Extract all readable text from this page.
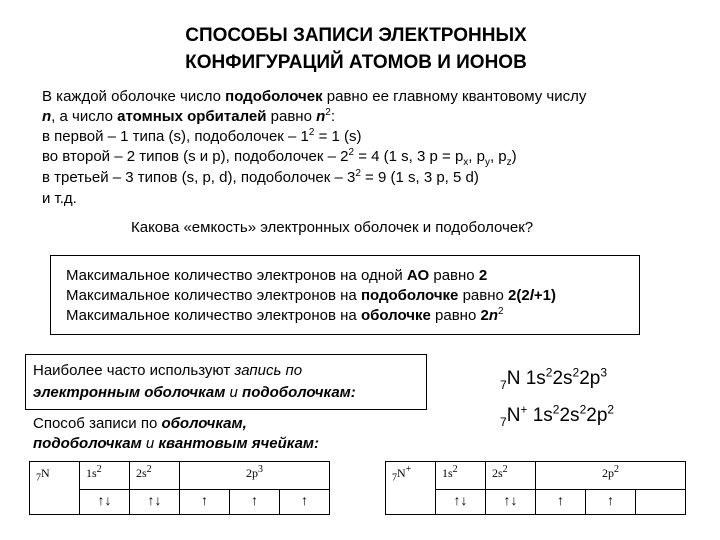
СПОСОБЫ ЗАПИСИ ЭЛЕКТРОННЫХ
КОНФИГУРАЦИЙ АТОМОВ И ИОНОВ
В каждой оболочке число подоболочек равно ее главному квантовому числу
n, а число атомных орбиталей равно $n^2$:
в первой – 1 типа (s), подоболочек – $1^2 = 1$ (s)
во второй – 2 типов (s и p), подоболочек – $2^2 = 4$ (1 s, 3 $p = p_x$, $p_y$, $p_z$)
в третьей – 3 типов (s, p, d), подоболочек – $3^2 = 9$ (1 s, 3 p, 5 d)
и т.д.
Какова «емкость» электронных оболочек и подоболочек?
Максимальное количество электронов на одной АО равно 2
Максимальное количество электронов на подоболочке равно 2(2l+1)
Максимальное количество электронов на оболочке равно $2n^2$
Наиболее часто используют запись по
электронным оболочкам и подоболочкам:
Способ записи по оболочкам,
подоболочкам и квантовым ячейкам:
$_7$N $1s^22s^22p^3$
$_7$N+ $1s^22s^22p^2$
$_7$N	$1s^2$	$2s^2$	$2p^3$
	↑↓	↑↓	↑	↑	↑
$_7$N+	$1s^2$	$2s^2$	$2p^2$
	↑↓	↑↓	↑	↑	
